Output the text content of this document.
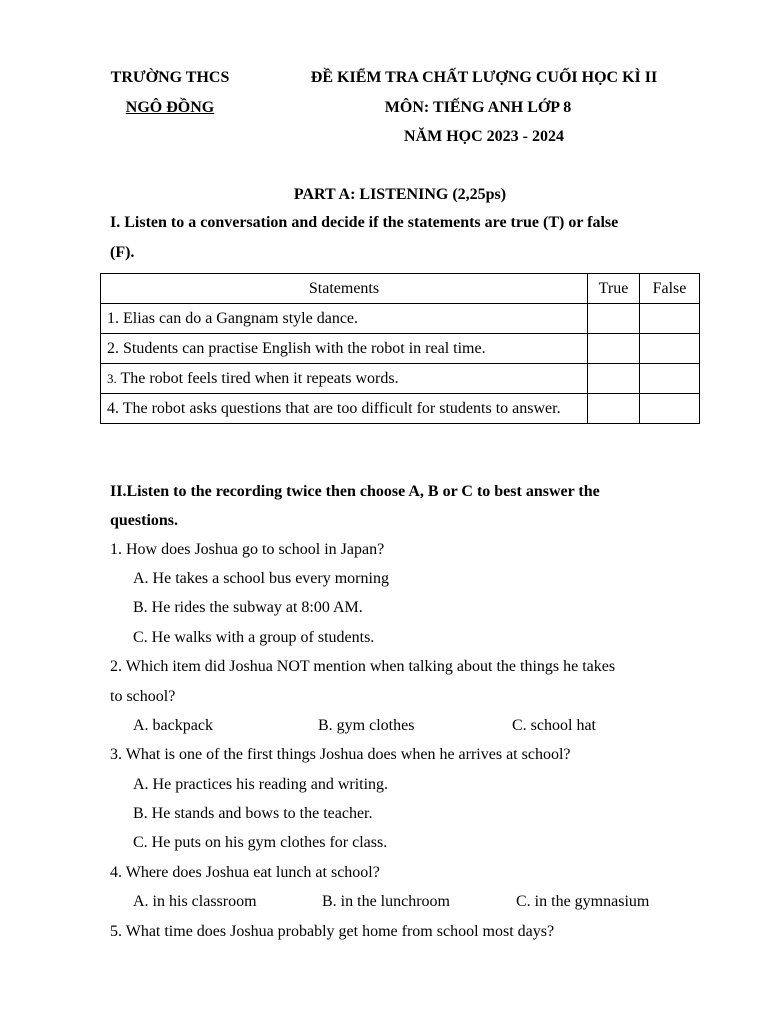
TRƯỜNG THCS
NGÔ ĐỒNG
ĐỀ KIỂM TRA CHẤT LƯỢNG CUỐI HỌC KÌ II
MÔN: TIẾNG ANH LỚP 8
NĂM HỌC 2023 - 2024
PART A: LISTENING (2,25ps)
I. Listen to a conversation and decide if the statements are true (T) or false
(F).
Statements	True	False
1. Elias can do a Gangnam style dance.		
2. Students can practise English with the robot in real time.		
3. The robot feels tired when it repeats words.		
4. The robot asks questions that are too difficult for students to answer.		
II.Listen to the recording twice then choose A, B or C to best answer the
questions.
1. How does Joshua go to school in Japan?
A. He takes a school bus every morning
B. He rides the subway at 8:00 AM.
C. He walks with a group of students.
2. Which item did Joshua NOT mention when talking about the things he takes
to school?
A. backpack	B. gym clothes	C. school hat
3. What is one of the first things Joshua does when he arrives at school?
A. He practices his reading and writing.
B. He stands and bows to the teacher.
C. He puts on his gym clothes for class.
4. Where does Joshua eat lunch at school?
A. in his classroom	B. in the lunchroom	C. in the gymnasium
5. What time does Joshua probably get home from school most days?
